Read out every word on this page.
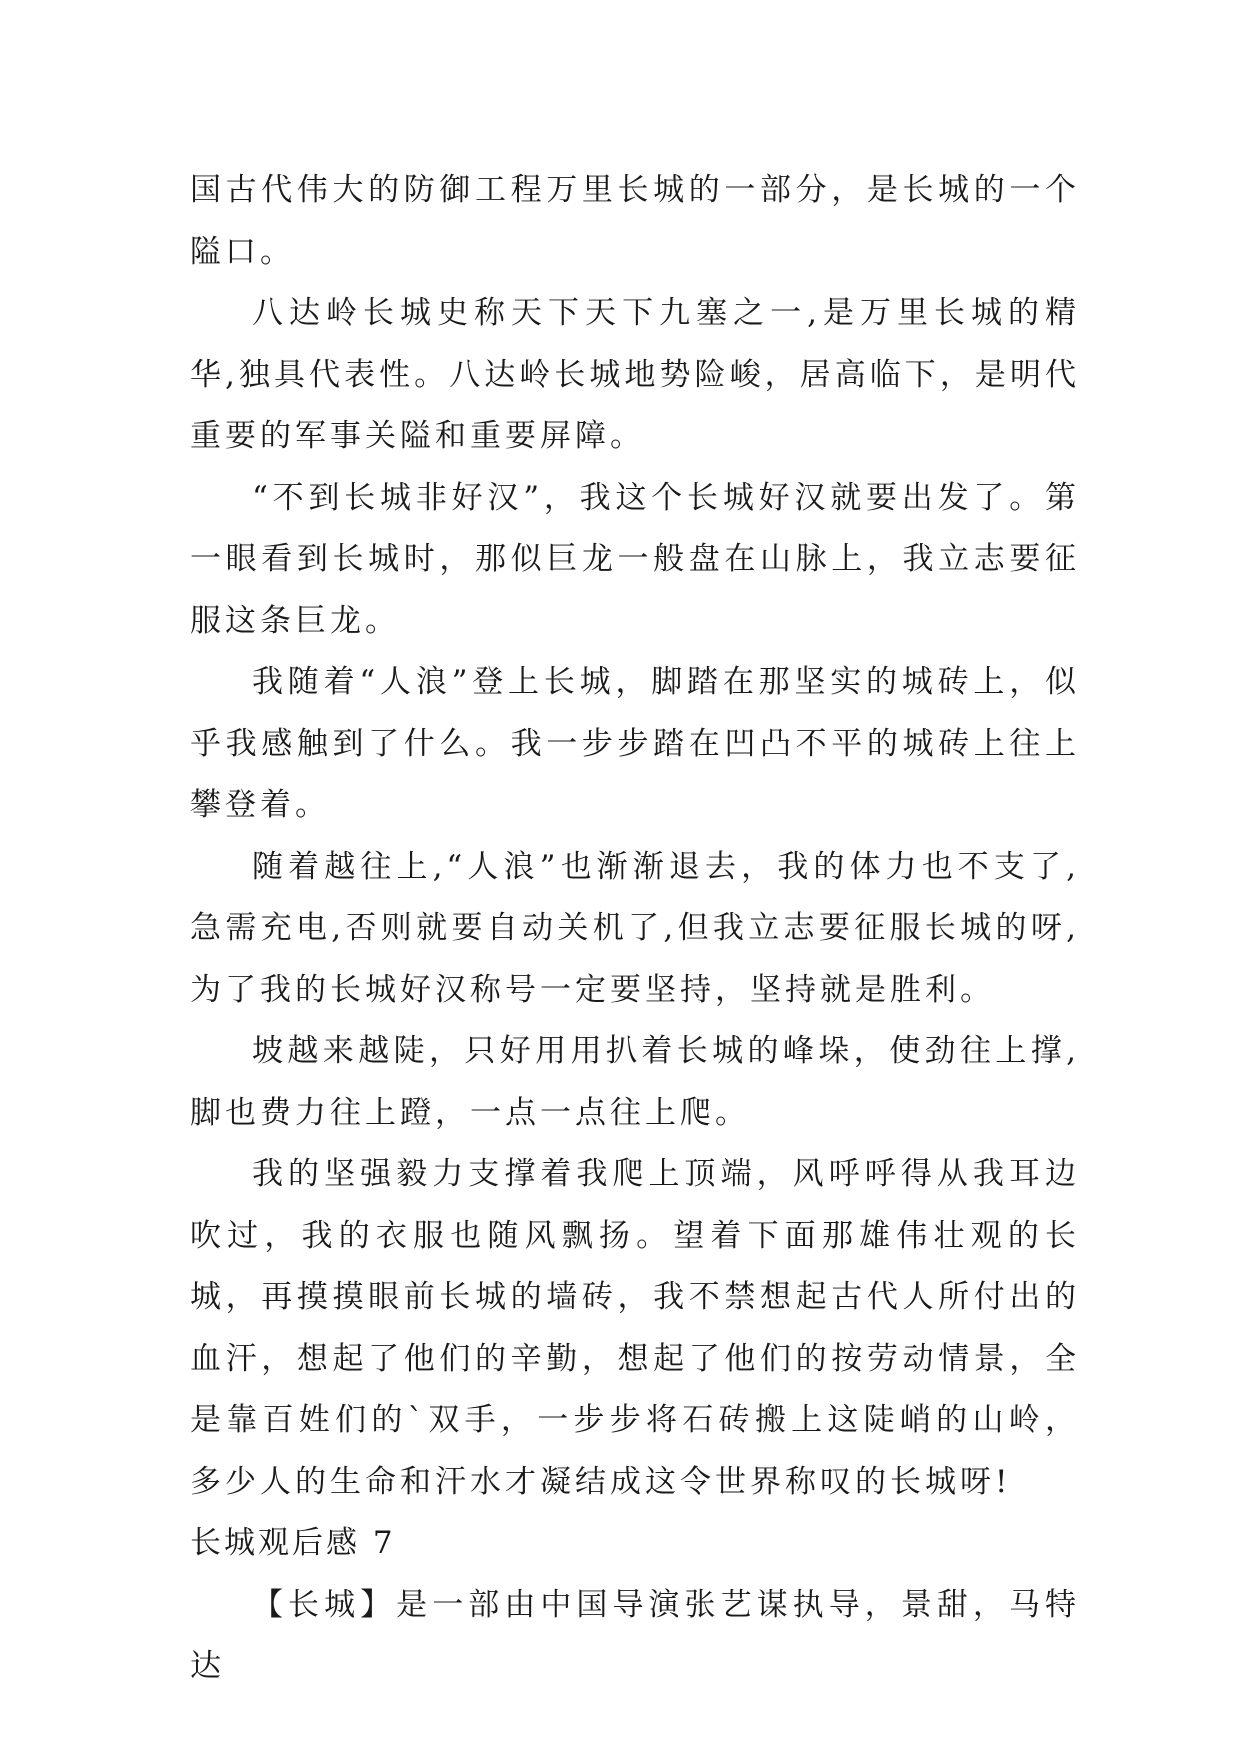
国古代伟大的防御工程万里长城的一部分，是长城的一个隘口。

八达岭长城史称天下天下九塞之一,是万里长城的精华,独具代表性。八达岭长城地势险峻，居高临下，是明代重要的军事关隘和重要屏障。

“不到长城非好汉”，我这个长城好汉就要出发了。第一眼看到长城时，那似巨龙一般盘在山脉上，我立志要征服这条巨龙。

我随着“人浪”登上长城，脚踏在那坚实的城砖上，似乎我感触到了什么。我一步步踏在凹凸不平的城砖上往上攀登着。

随着越往上,“人浪”也渐渐退去，我的体力也不支了,急需充电,否则就要自动关机了,但我立志要征服长城的呀,为了我的长城好汉称号一定要坚持，坚持就是胜利。

坡越来越陡，只好用用扒着长城的峰垛，使劲往上撑,脚也费力往上蹬，一点一点往上爬。

我的坚强毅力支撑着我爬上顶端，风呼呼得从我耳边吹过，我的衣服也随风飘扬。望着下面那雄伟壮观的长城，再摸摸眼前长城的墙砖，我不禁想起古代人所付出的血汗，想起了他们的辛勤，想起了他们的按劳动情景，全是靠百姓们的`双手，一步步将石砖搬上这陡峭的山岭，多少人的生命和汗水才凝结成这令世界称叹的长城呀!

长城观后感 7

【长城】是一部由中国导演张艺谋执导，景甜，马特达
